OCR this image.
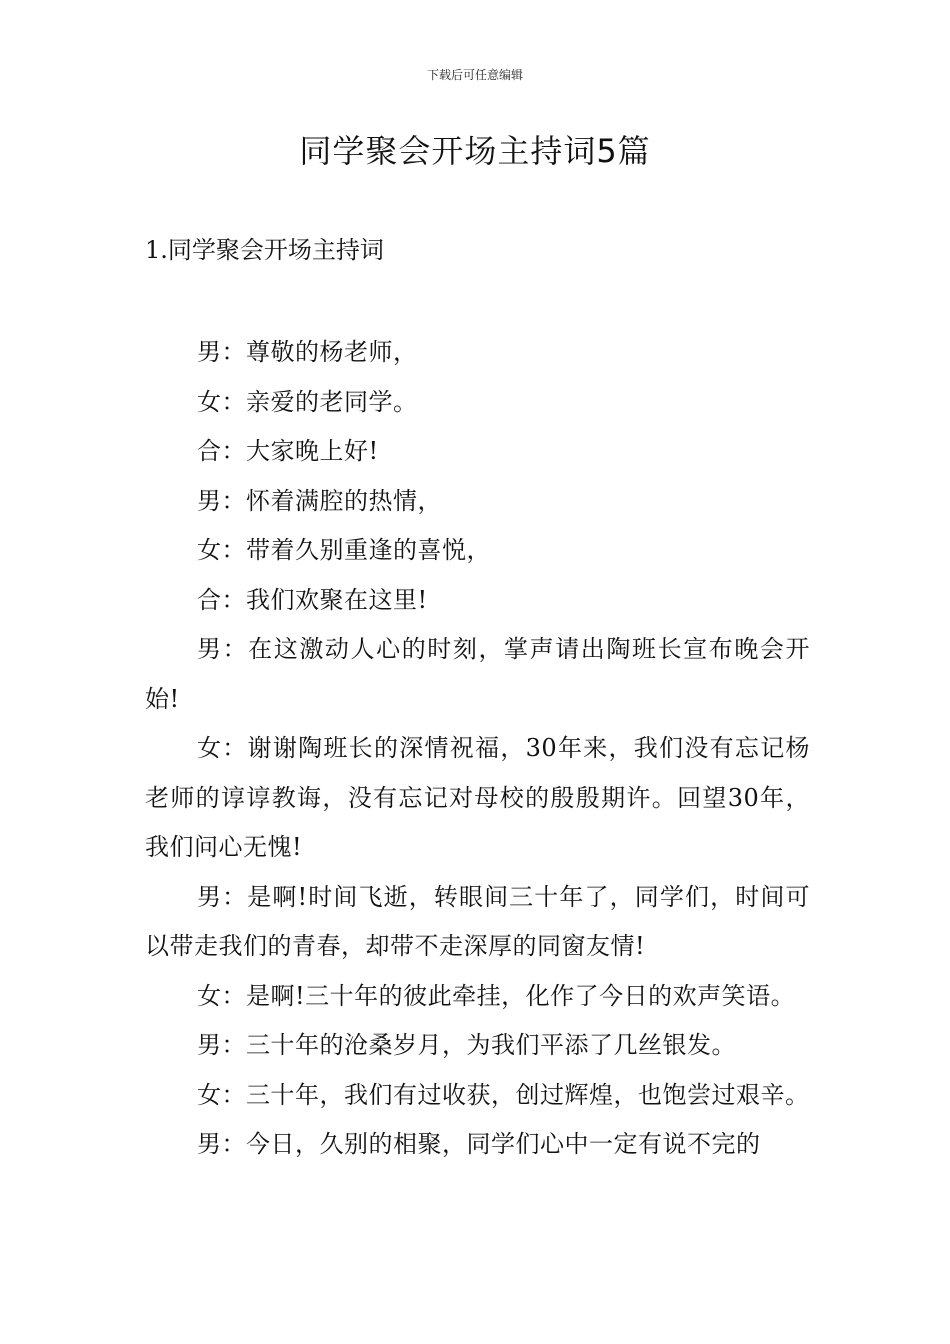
下载后可任意编辑
同学聚会开场主持词5篇
1.同学聚会开场主持词

男：尊敬的杨老师，

女：亲爱的老同学。

合：大家晚上好!

男：怀着满腔的热情，

女：带着久别重逢的喜悦，

合：我们欢聚在这里!

男：在这激动人心的时刻，掌声请出陶班长宣布晚会开始!

女：谢谢陶班长的深情祝福，30年来，我们没有忘记杨老师的谆谆教诲，没有忘记对母校的殷殷期许。回望30年，我们问心无愧!

男：是啊!时间飞逝，转眼间三十年了，同学们，时间可以带走我们的青春，却带不走深厚的同窗友情!

女：是啊!三十年的彼此牵挂，化作了今日的欢声笑语。

男：三十年的沧桑岁月，为我们平添了几丝银发。

女：三十年，我们有过收获，创过辉煌，也饱尝过艰辛。

男：今日，久别的相聚，同学们心中一定有说不完的
